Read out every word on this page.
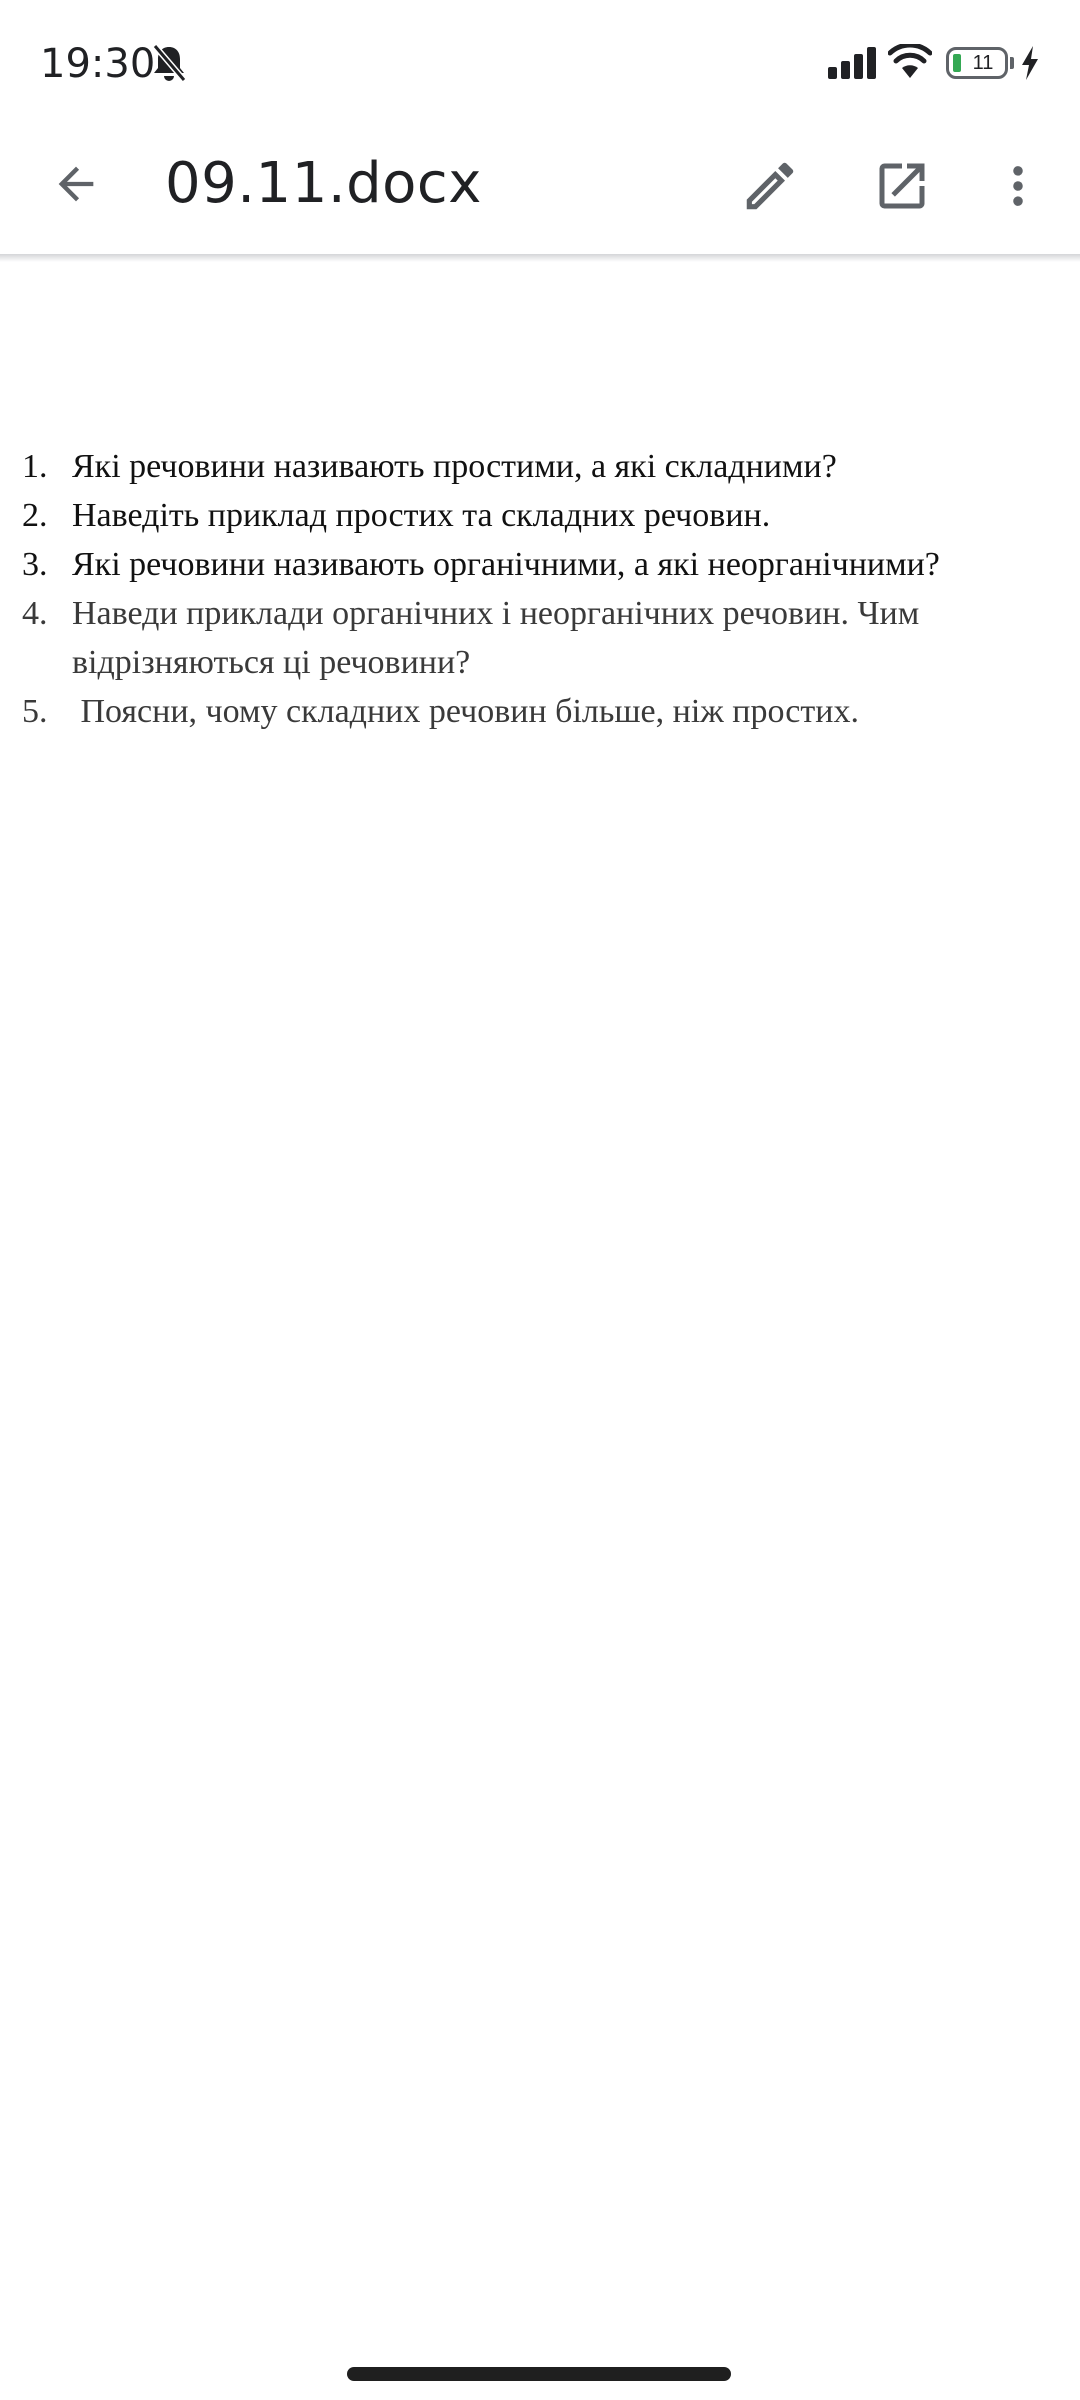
19:30	11
09.11.docx
1. Які речовини називають простими, а які складними?
2. Наведіть приклад простих та складних речовин.
3. Які речовини називають органічними, а які неорганічними?
4. Наведи приклади органічних і неорганічних речовин. Чим відрізняються ці речовини?
5. Поясни, чому складних речовин більше, ніж простих.
